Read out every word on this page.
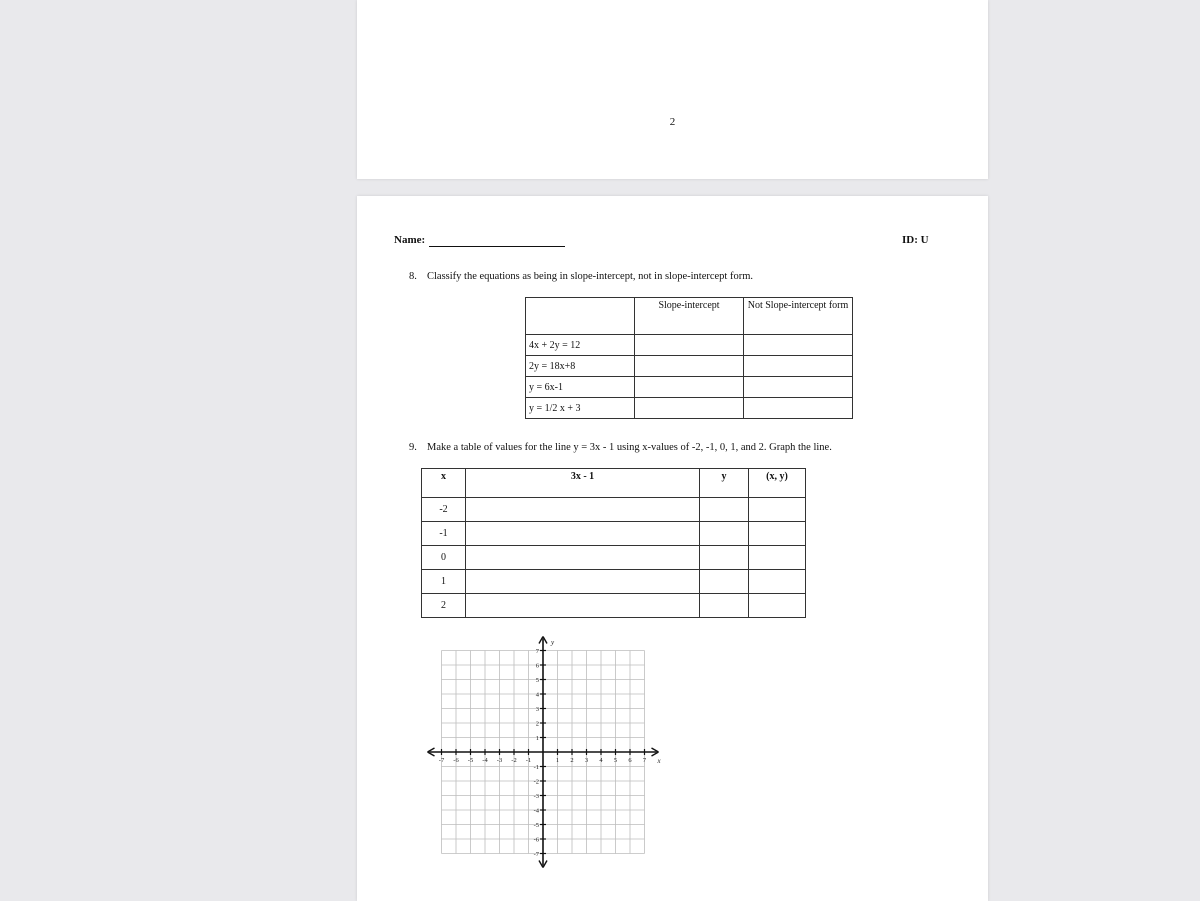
2
Name:	ID: U
8. Classify the equations as being in slope-intercept, not in slope-intercept form.
	Slope-intercept	Not Slope-intercept form
4x + 2y = 12		
2y = 18x+8		
y = 6x-1		
y = 1/2 x + 3		
9. Make a table of values for the line y = 3x - 1 using x-values of -2, -1, 0, 1, and 2. Graph the line.
x	3x - 1	y	(x, y)
-2			
-1			
0			
1			
2			
-7 -6 -5 -4 -3 -2 -1	1 2 3 4 5 6 7
7
6
5
4
3
2
1
-1
-2
-3
-4
-5
-6
-7
x
y
